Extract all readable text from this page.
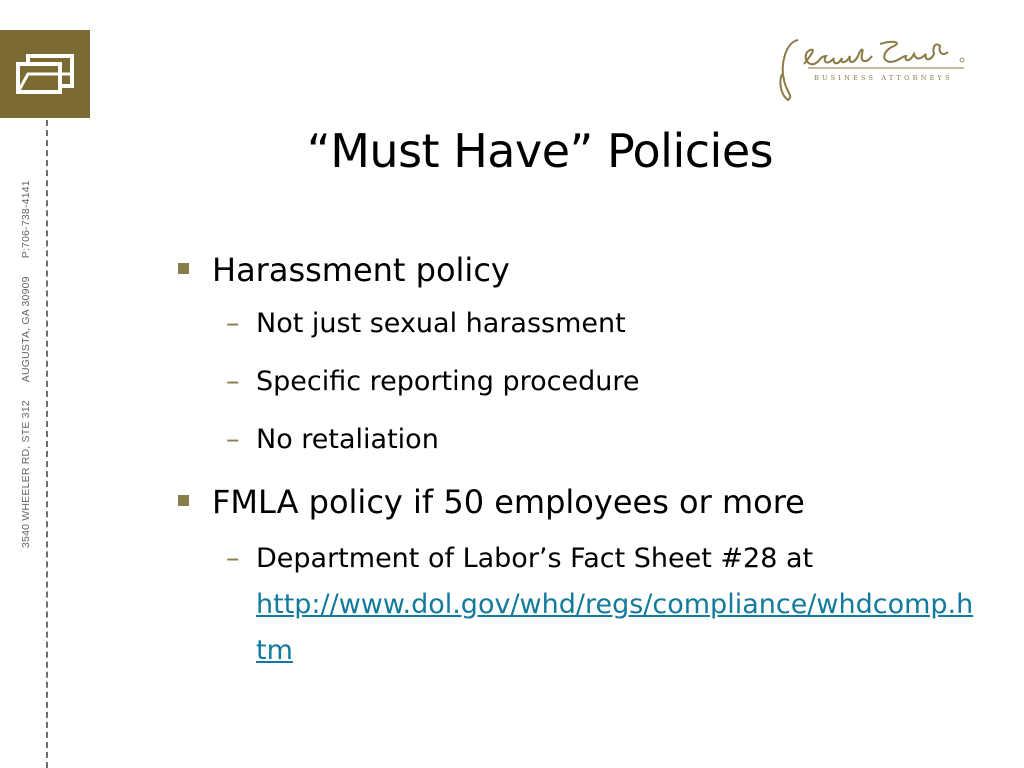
3540 WHEELER RD, STE 312AUGUSTA, GA 30909P:706-738-4141
BUSINESS ATTORNEYS
“Must Have” Policies
Harassment policy
– Not just sexual harassment
– Specific reporting procedure
– No retaliation
FMLA policy if 50 employees or more
– Department of Labor’s Fact Sheet #28 at
http://www.dol.gov/whd/regs/compliance/whdcomp.htm
